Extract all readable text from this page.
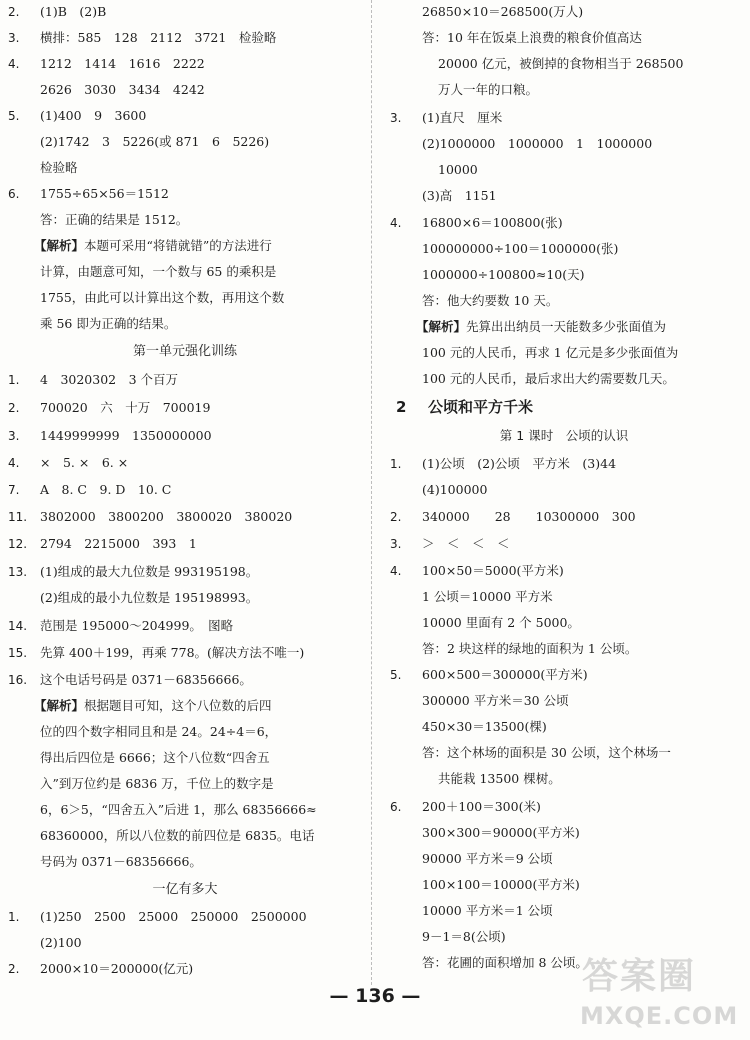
2.	(1)B　(2)B
3.	横排：585　128　2112　3721　检验略
4.	1212　1414　1616　2222
2626　3030　3434　4242
5.	(1)400　9　3600
(2)1742　3　5226(或 871　6　5226)
检验略
6.	1755÷65×56＝1512
答：正确的结果是 1512。
【解析】本题可采用“将错就错”的方法进行
计算，由题意可知，一个数与 65 的乘积是
1755，由此可以计算出这个数，再用这个数
乘 56 即为正确的结果。
第一单元强化训练
1.	4　3020302　3 个百万
2.	700020　六　十万　700019
3.	1449999999　1350000000
4.	×　5. ×　6. ×
7.	A　8. C　9. D　10. C
11.	3802000　3800200　3800020　380020
12.	2794　2215000　393　1
13.	(1)组成的最大九位数是 993195198。
(2)组成的最小九位数是 195198993。
14.	范围是 195000～204999。　图略
15.	先算 400＋199，再乘 778。(解决方法不唯一)
16.	这个电话号码是 0371－68356666。
【解析】根据题目可知，这个八位数的后四
位的四个数字相同且和是 24。24÷4＝6，
得出后四位是 6666；这个八位数“四舍五
入”到万位约是 6836 万，千位上的数字是
6，6＞5，“四舍五入”后进 1，那么 68356666≈
68360000，所以八位数的前四位是 6835。电话
号码为 0371－68356666。
一亿有多大
1.	(1)250　2500　25000　250000　2500000
(2)100
2.	2000×10＝200000(亿元)
26850×10＝268500(万人)
答：10 年在饭桌上浪费的粮食价值高达
20000 亿元，被倒掉的食物相当于 268500
万人一年的口粮。
3.	(1)直尺　厘米
(2)1000000　1000000　1　1000000
10000
(3)高　1151
4.	16800×6＝100800(张)
100000000÷100＝1000000(张)
1000000÷100800≈10(天)
答：他大约要数 10 天。
【解析】先算出出纳员一天能数多少张面值为
100 元的人民币，再求 1 亿元是多少张面值为
100 元的人民币，最后求出大约需要数几天。
2 公顷和平方千米
第 1 课时　公顷的认识
1.	(1)公顷　(2)公顷　平方米　(3)44
(4)100000
2.	340000　　28　　10300000　300
3.	＞　＜　＜　＜
4.	100×50＝5000(平方米)
1 公顷＝10000 平方米
10000 里面有 2 个 5000。
答：2 块这样的绿地的面积为 1 公顷。
5.	600×500＝300000(平方米)
300000 平方米＝30 公顷
450×30＝13500(棵)
答：这个林场的面积是 30 公顷，这个林场一
共能栽 13500 棵树。
6.	200＋100＝300(米)
300×300＝90000(平方米)
90000 平方米＝9 公顷
100×100＝10000(平方米)
10000 平方米＝1 公顷
9－1＝8(公顷)
答：花圃的面积增加 8 公顷。
— 136 —	答案圈
MXQE.COM
